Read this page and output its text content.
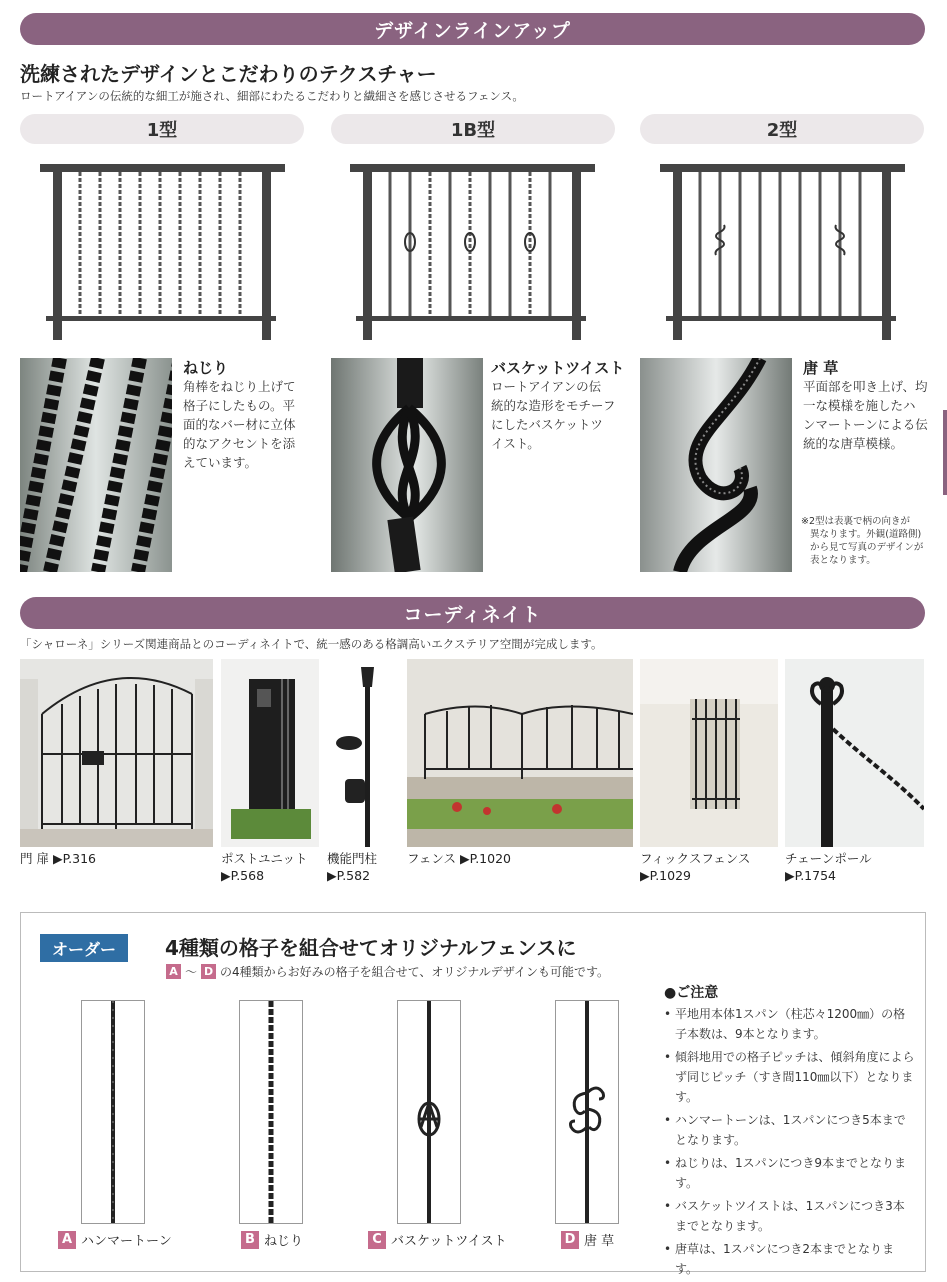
デザインラインアップ
洗練されたデザインとこだわりのテクスチャー
ロートアイアンの伝統的な細工が施され、細部にわたるこだわりと繊細さを感じさせるフェンス。
1型	1B型	2型
ねじり
角棒をねじり上げて
格子にしたもの。平
面的なバー材に立体
的なアクセントを添
えています。
バスケットツイスト
ロートアイアンの伝
統的な造形をモチーフ
にしたバスケットツ
イスト。
唐 草
平面部を叩き上げ、均
一な模様を施したハ
ンマートーンによる伝
統的な唐草模様。
※2型は表裏で柄の向きが
異なります。外観(道路側)
から見て写真のデザインが
表となります。
コーディネイト
「シャローネ」シリーズ関連商品とのコーディネイトで、統一感のある格調高いエクステリア空間が完成します。
門 扉 ▶P.316	ポストユニット
▶P.568
機能門柱
▶P.582
フェンス ▶P.1020	フィックスフェンス
▶P.1029
チェーンポール
▶P.1754
オーダー	4種類の格子を組合せてオリジナルフェンスに
A ～ D の4種類からお好みの格子を組合せて、オリジナルデザインも可能です。
A ハンマートーン	B ねじり	C バスケットツイスト	D 唐 草
●ご注意
• 平地用本体1スパン（柱芯々1200㎜）の格子本数は、9本となります。
• 傾斜地用での格子ピッチは、傾斜角度によらず同じピッチ（すき間110㎜以下）となります。
• ハンマートーンは、1スパンにつき5本までとなります。
• ねじりは、1スパンにつき9本までとなります。
• バスケットツイストは、1スパンにつき3本までとなります。
• 唐草は、1スパンにつき2本までとなります。
